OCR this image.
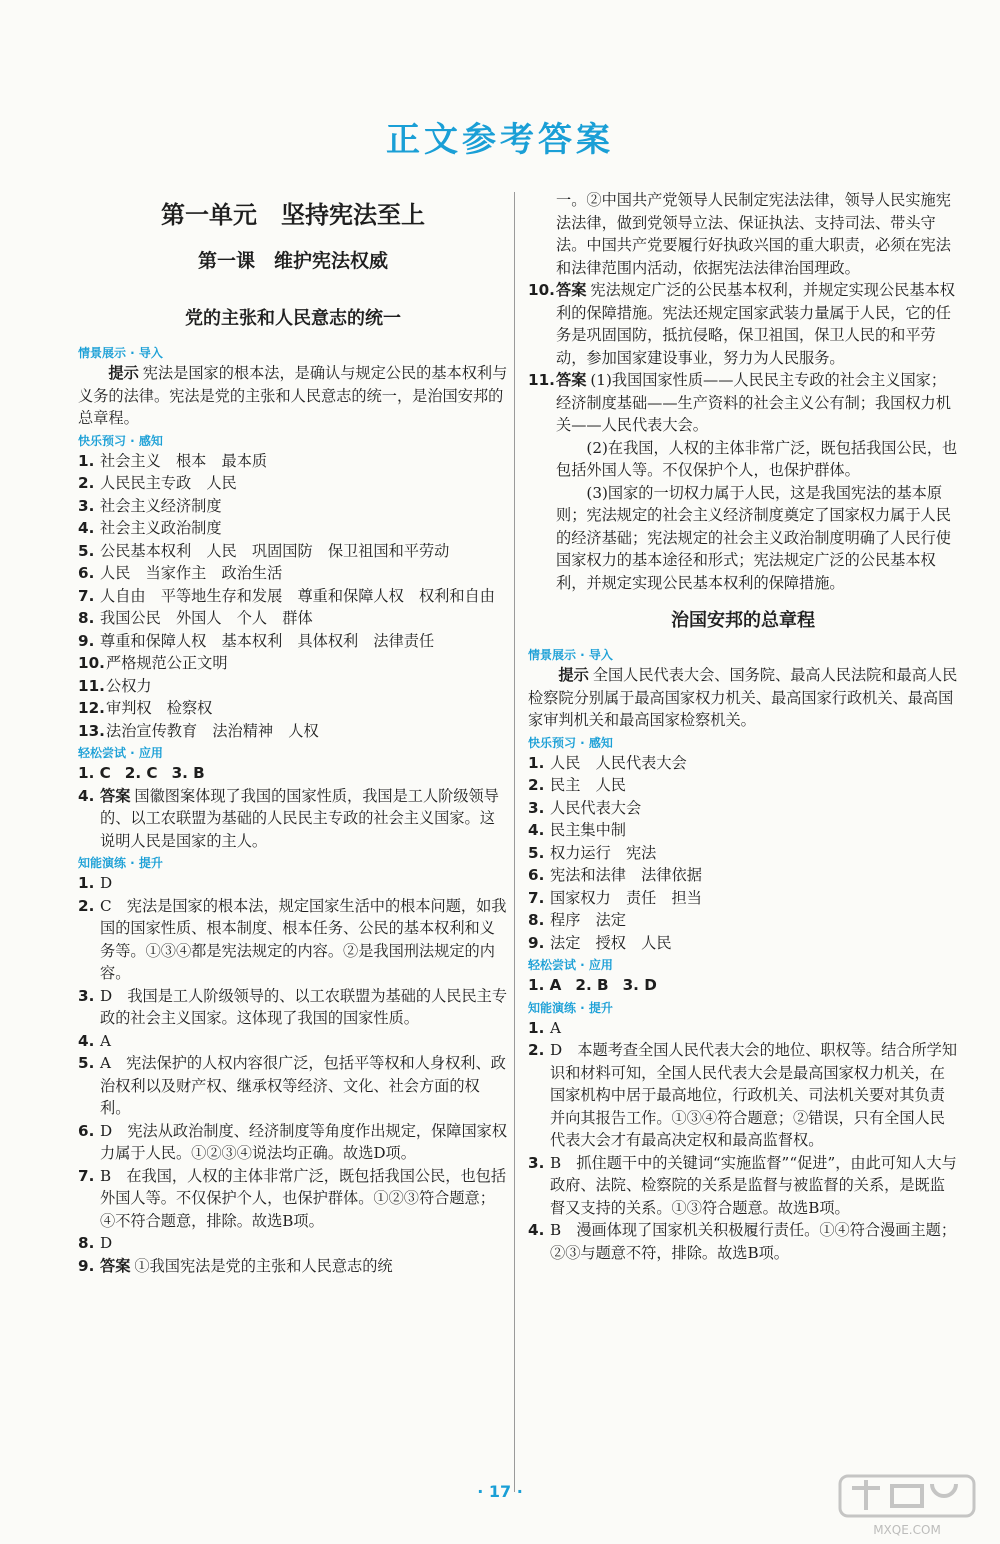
正文参考答案
第一单元　坚持宪法至上
第一课　维护宪法权威
党的主张和人民意志的统一
情景展示 · 导入
提示 宪法是国家的根本法，是确认与规定公民的基本权利与义务的法律。宪法是党的主张和人民意志的统一，是治国安邦的总章程。
快乐预习 · 感知
1. 社会主义　根本　最本质
2. 人民民主专政　人民
3. 社会主义经济制度
4. 社会主义政治制度
5. 公民基本权利　人民　巩固国防　保卫祖国和平劳动
6. 人民　当家作主　政治生活
7. 人自由　平等地生存和发展　尊重和保障人权　权利和自由
8. 我国公民　外国人　个人　群体
9. 尊重和保障人权　基本权利　具体权利　法律责任
10. 严格规范公正文明
11. 公权力
12. 审判权　检察权
13. 法治宣传教育　法治精神　人权
轻松尝试 · 应用
1. C 2. C 3. B
4. 答案 国徽图案体现了我国的国家性质，我国是工人阶级领导的、以工农联盟为基础的人民民主专政的社会主义国家。这说明人民是国家的主人。
知能演练 · 提升
1. D
2. C　宪法是国家的根本法，规定国家生活中的根本问题，如我国的国家性质、根本制度、根本任务、公民的基本权利和义务等。①③④都是宪法规定的内容。②是我国刑法规定的内容。
3. D　我国是工人阶级领导的、以工农联盟为基础的人民民主专政的社会主义国家。这体现了我国的国家性质。
4. A
5. A　宪法保护的人权内容很广泛，包括平等权和人身权利、政治权利以及财产权、继承权等经济、文化、社会方面的权利。
6. D　宪法从政治制度、经济制度等角度作出规定，保障国家权力属于人民。①②③④说法均正确。故选D项。
7. B　在我国，人权的主体非常广泛，既包括我国公民，也包括外国人等。不仅保护个人，也保护群体。①②③符合题意；④不符合题意，排除。故选B项。
8. D
9. 答案 ①我国宪法是党的主张和人民意志的统
一。②中国共产党领导人民制定宪法法律，领导人民实施宪法法律，做到党领导立法、保证执法、支持司法、带头守法。中国共产党要履行好执政兴国的重大职责，必须在宪法和法律范围内活动，依据宪法法律治国理政。
10. 答案 宪法规定广泛的公民基本权利，并规定实现公民基本权利的保障措施。宪法还规定国家武装力量属于人民，它的任务是巩固国防，抵抗侵略，保卫祖国，保卫人民的和平劳动，参加国家建设事业，努力为人民服务。
11. 答案 (1)我国国家性质——人民民主专政的社会主义国家；经济制度基础——生产资料的社会主义公有制；我国权力机关——人民代表大会。
(2)在我国，人权的主体非常广泛，既包括我国公民，也包括外国人等。不仅保护个人，也保护群体。
(3)国家的一切权力属于人民，这是我国宪法的基本原则；宪法规定的社会主义经济制度奠定了国家权力属于人民的经济基础；宪法规定的社会主义政治制度明确了人民行使国家权力的基本途径和形式；宪法规定广泛的公民基本权利，并规定实现公民基本权利的保障措施。
治国安邦的总章程
情景展示 · 导入
提示 全国人民代表大会、国务院、最高人民法院和最高人民检察院分别属于最高国家权力机关、最高国家行政机关、最高国家审判机关和最高国家检察机关。
快乐预习 · 感知
1. 人民　人民代表大会
2. 民主　人民
3. 人民代表大会
4. 民主集中制
5. 权力运行　宪法
6. 宪法和法律　法律依据
7. 国家权力　责任　担当
8. 程序　法定
9. 法定　授权　人民
轻松尝试 · 应用
1. A 2. B 3. D
知能演练 · 提升
1. A
2. D　本题考查全国人民代表大会的地位、职权等。结合所学知识和材料可知，全国人民代表大会是最高国家权力机关，在国家机构中居于最高地位，行政机关、司法机关要对其负责并向其报告工作。①③④符合题意；②错误，只有全国人民代表大会才有最高决定权和最高监督权。
3. B　抓住题干中的关键词“实施监督”“促进”，由此可知人大与政府、法院、检察院的关系是监督与被监督的关系，是既监督又支持的关系。①③符合题意。故选B项。
4. B　漫画体现了国家机关积极履行责任。①④符合漫画主题；②③与题意不符，排除。故选B项。
· 17 ·
MXQE.COM
